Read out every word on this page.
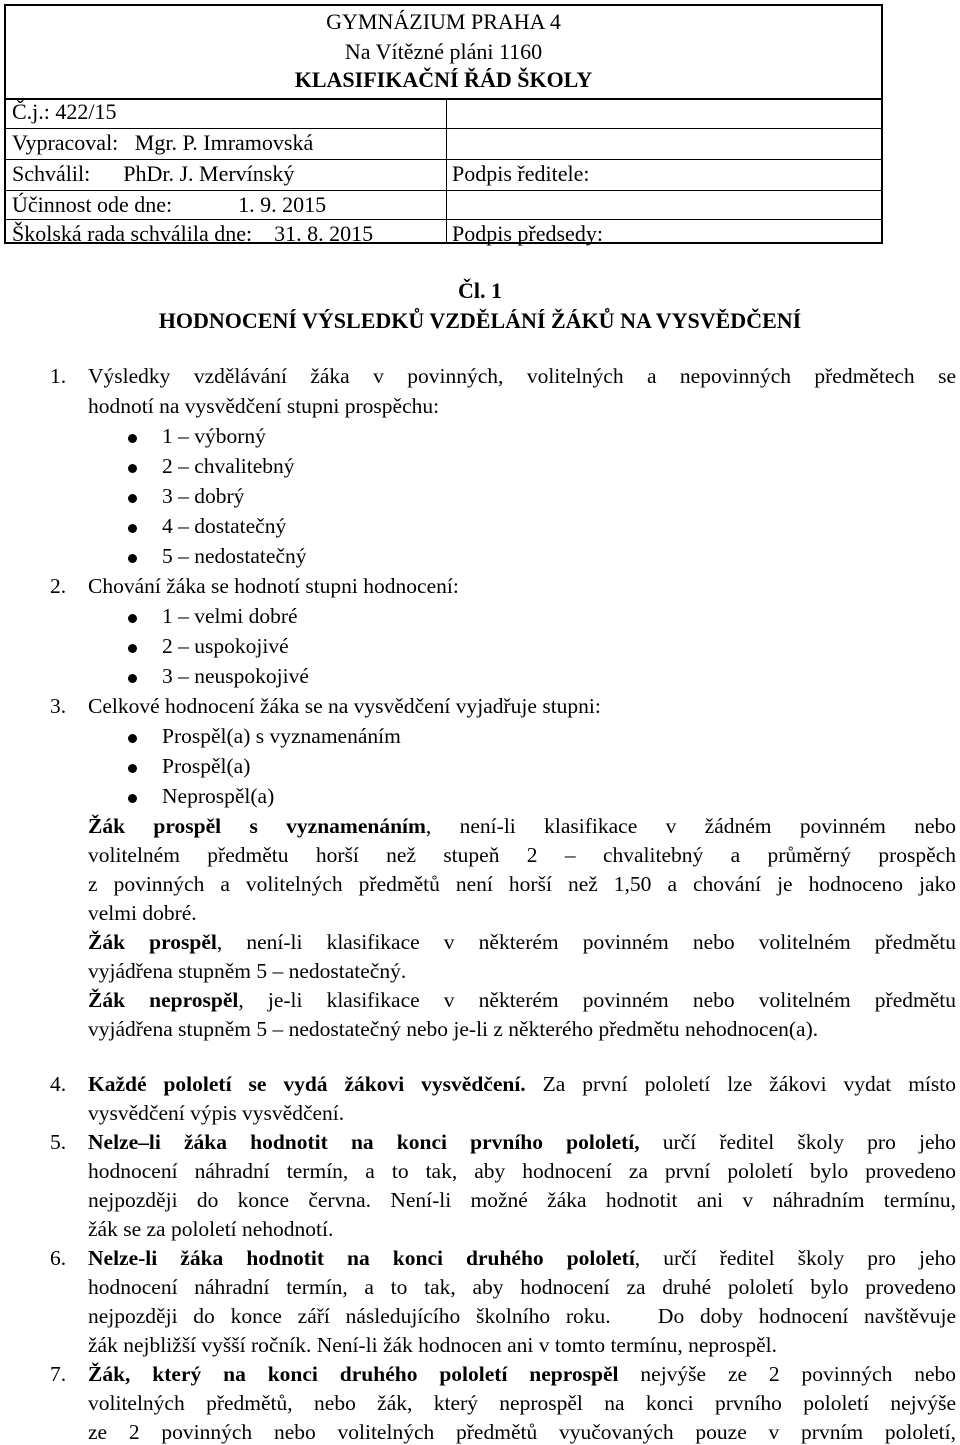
GYMNÁZIUM PRAHA 4
Na Vítězné pláni 1160
KLASIFIKAČNÍ ŘÁD ŠKOLY
Č.j.: 422/15
Vypracoval:   Mgr. P. Imramovská
Schválil:      PhDr. J. Mervínský	Podpis ředitele:
Účinnost ode dne:            1. 9. 2015
Školská rada schválila dne:    31. 8. 2015	Podpis předsedy:
Čl. 1
HODNOCENÍ VÝSLEDKŮ VZDĚLÁNÍ ŽÁKŮ NA VYSVĚDČENÍ
1. Výsledky vzdělávání žáka v povinných, volitelných a nepovinných předmětech se
hodnotí na vysvědčení stupni prospěchu:
1 – výborný
2 – chvalitebný
3 – dobrý
4 – dostatečný
5 – nedostatečný
2. Chování žáka se hodnotí stupni hodnocení:
1 – velmi dobré
2 – uspokojivé
3 – neuspokojivé
3. Celkové hodnocení žáka se na vysvědčení vyjadřuje stupni:
Prospěl(a) s vyznamenáním
Prospěl(a)
Neprospěl(a)
Žák prospěl s vyznamenáním, není-li klasifikace v žádném povinném nebo
volitelném předmětu horší než stupeň 2 – chvalitebný a průměrný prospěch
z povinných a volitelných předmětů není horší než 1,50 a chování je hodnoceno jako
velmi dobré.
Žák prospěl, není-li klasifikace v některém povinném nebo volitelném předmětu
vyjádřena stupněm 5 – nedostatečný.
Žák neprospěl, je-li klasifikace v některém povinném nebo volitelném předmětu
vyjádřena stupněm 5 – nedostatečný nebo je-li z některého předmětu nehodnocen(a).
4. Každé pololetí se vydá žákovi vysvědčení. Za první pololetí lze žákovi vydat místo
vysvědčení výpis vysvědčení.
5. Nelze–li žáka hodnotit na konci prvního pololetí, určí ředitel školy pro jeho
hodnocení náhradní termín, a to tak, aby hodnocení za první pololetí bylo provedeno
nejpozději do konce června. Není-li možné žáka hodnotit ani v náhradním termínu,
žák se za pololetí nehodnotí.
6. Nelze-li žáka hodnotit na konci druhého pololetí, určí ředitel školy pro jeho
hodnocení náhradní termín, a to tak, aby hodnocení za druhé pololetí bylo provedeno
nejpozději do konce září následujícího školního roku.   Do doby hodnocení navštěvuje
žák nejbližší vyšší ročník. Není-li žák hodnocen ani v tomto termínu, neprospěl.
7. Žák, který na konci druhého pololetí neprospěl nejvýše ze 2 povinných nebo
volitelných předmětů, nebo žák, který neprospěl na konci prvního pololetí nejvýše
ze 2 povinných nebo volitelných předmětů vyučovaných pouze v prvním pololetí,
